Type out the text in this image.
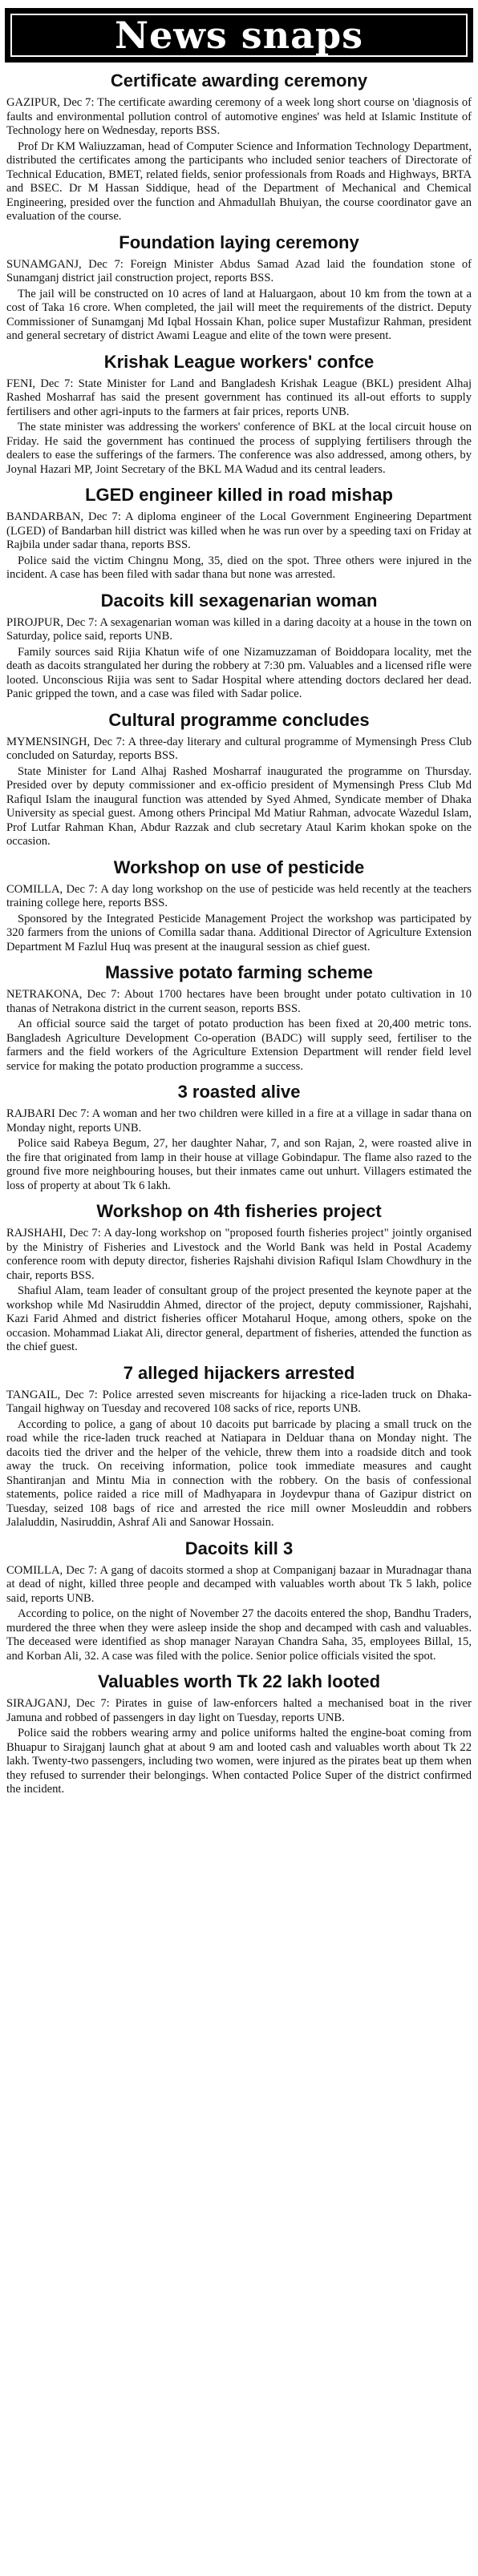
News snaps
Certificate awarding ceremony

GAZIPUR, Dec 7: The certificate awarding ceremony of a week long short course on 'diagnosis of faults and environmental pollution control of automotive engines' was held at Islamic Institute of Technology here on Wednesday, reports BSS.

Prof Dr KM Waliuzzaman, head of Computer Science and Information Technology Department, distributed the certificates among the participants who included senior teachers of Directorate of Technical Education, BMET, related fields, senior professionals from Roads and Highways, BRTA and BSEC. Dr M Hassan Siddique, head of the Department of Mechanical and Chemical Engineering, presided over the function and Ahmadullah Bhuiyan, the course coordinator gave an evaluation of the course.

Foundation laying ceremony

SUNAMGANJ, Dec 7: Foreign Minister Abdus Samad Azad laid the foundation stone of Sunamganj district jail construction project, reports BSS.

The jail will be constructed on 10 acres of land at Haluargaon, about 10 km from the town at a cost of Taka 16 crore. When completed, the jail will meet the requirements of the district. Deputy Commissioner of Sunamganj Md Iqbal Hossain Khan, police super Mustafizur Rahman, president and general secretary of district Awami League and elite of the town were present.

Krishak League workers' confce

FENI, Dec 7: State Minister for Land and Bangladesh Krishak League (BKL) president Alhaj Rashed Mosharraf has said the present government has continued its all-out efforts to supply fertilisers and other agri-inputs to the farmers at fair prices, reports UNB.

The state minister was addressing the workers' conference of BKL at the local circuit house on Friday. He said the government has continued the process of supplying fertilisers through the dealers to ease the sufferings of the farmers. The conference was also addressed, among others, by Joynal Hazari MP, Joint Secretary of the BKL MA Wadud and its central leaders.

LGED engineer killed in road mishap

BANDARBAN, Dec 7: A diploma engineer of the Local Government Engineering Department (LGED) of Bandarban hill district was killed when he was run over by a speeding taxi on Friday at Rajbila under sadar thana, reports BSS.

Police said the victim Chingnu Mong, 35, died on the spot. Three others were injured in the incident. A case has been filed with sadar thana but none was arrested.

Dacoits kill sexagenarian woman

PIROJPUR, Dec 7: A sexagenarian woman was killed in a daring dacoity at a house in the town on Saturday, police said, reports UNB.

Family sources said Rijia Khatun wife of one Nizamuzzaman of Boiddopara locality, met the death as dacoits strangulated her during the robbery at 7:30 pm. Valuables and a licensed rifle were looted. Unconscious Rijia was sent to Sadar Hospital where attending doctors declared her dead. Panic gripped the town, and a case was filed with Sadar police.

Cultural programme concludes

MYMENSINGH, Dec 7: A three-day literary and cultural programme of Mymensingh Press Club concluded on Saturday, reports BSS.

State Minister for Land Alhaj Rashed Mosharraf inaugurated the programme on Thursday. Presided over by deputy commissioner and ex-officio president of Mymensingh Press Club Md Rafiqul Islam the inaugural function was attended by Syed Ahmed, Syndicate member of Dhaka University as special guest. Among others Principal Md Matiur Rahman, advocate Wazedul Islam, Prof Lutfar Rahman Khan, Abdur Razzak and club secretary Ataul Karim khokan spoke on the occasion.

Workshop on use of pesticide

COMILLA, Dec 7: A day long workshop on the use of pesticide was held recently at the teachers training college here, reports BSS.

Sponsored by the Integrated Pesticide Management Project the workshop was participated by 320 farmers from the unions of Comilla sadar thana. Additional Director of Agriculture Extension Department M Fazlul Huq was present at the inaugural session as chief guest.

Massive potato farming scheme

NETRAKONA, Dec 7: About 1700 hectares have been brought under potato cultivation in 10 thanas of Netrakona district in the current season, reports BSS.

An official source said the target of potato production has been fixed at 20,400 metric tons. Bangladesh Agriculture Development Co-operation (BADC) will supply seed, fertiliser to the farmers and the field workers of the Agriculture Extension Department will render field level service for making the potato production programme a success.

3 roasted alive

RAJBARI Dec 7: A woman and her two children were killed in a fire at a village in sadar thana on Monday night, reports UNB.

Police said Rabeya Begum, 27, her daughter Nahar, 7, and son Rajan, 2, were roasted alive in the fire that originated from lamp in their house at village Gobindapur. The flame also razed to the ground five more neighbouring houses, but their inmates came out unhurt. Villagers estimated the loss of property at about Tk 6 lakh.

Workshop on 4th fisheries project

RAJSHAHI, Dec 7: A day-long workshop on "proposed fourth fisheries project" jointly organised by the Ministry of Fisheries and Livestock and the World Bank was held in Postal Academy conference room with deputy director, fisheries Rajshahi division Rafiqul Islam Chowdhury in the chair, reports BSS.

Shafiul Alam, team leader of consultant group of the project presented the keynote paper at the workshop while Md Nasiruddin Ahmed, director of the project, deputy commissioner, Rajshahi, Kazi Farid Ahmed and district fisheries officer Motaharul Hoque, among others, spoke on the occasion. Mohammad Liakat Ali, director general, department of fisheries, attended the function as the chief guest.

7 alleged hijackers arrested

TANGAIL, Dec 7: Police arrested seven miscreants for hijacking a rice-laden truck on Dhaka-Tangail highway on Tuesday and recovered 108 sacks of rice, reports UNB.

According to police, a gang of about 10 dacoits put barricade by placing a small truck on the road while the rice-laden truck reached at Natiapara in Delduar thana on Monday night. The dacoits tied the driver and the helper of the vehicle, threw them into a roadside ditch and took away the truck. On receiving information, police took immediate measures and caught Shantiranjan and Mintu Mia in connection with the robbery. On the basis of confessional statements, police raided a rice mill of Madhyapara in Joydevpur thana of Gazipur district on Tuesday, seized 108 bags of rice and arrested the rice mill owner Mosleuddin and robbers Jalaluddin, Nasiruddin, Ashraf Ali and Sanowar Hossain.

Dacoits kill 3

COMILLA, Dec 7: A gang of dacoits stormed a shop at Companiganj bazaar in Muradnagar thana at dead of night, killed three people and decamped with valuables worth about Tk 5 lakh, police said, reports UNB.

According to police, on the night of November 27 the dacoits entered the shop, Bandhu Traders, murdered the three when they were asleep inside the shop and decamped with cash and valuables. The deceased were identified as shop manager Narayan Chandra Saha, 35, employees Billal, 15, and Korban Ali, 32. A case was filed with the police. Senior police officials visited the spot.

Valuables worth Tk 22 lakh looted

SIRAJGANJ, Dec 7: Pirates in guise of law-enforcers halted a mechanised boat in the river Jamuna and robbed of passengers in day light on Tuesday, reports UNB.

Police said the robbers wearing army and police uniforms halted the engine-boat coming from Bhuapur to Sirajganj launch ghat at about 9 am and looted cash and valuables worth about Tk 22 lakh. Twenty-two passengers, including two women, were injured as the pirates beat up them when they refused to surrender their belongings. When contacted Police Super of the district confirmed the incident.
